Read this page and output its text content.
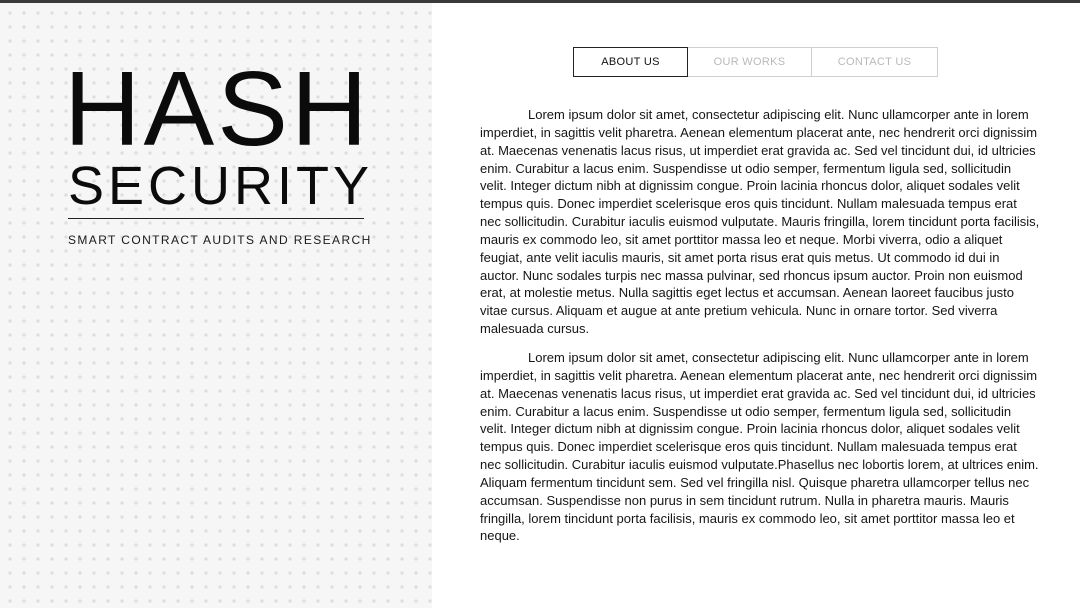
HASH
SECURITY
SMART CONTRACT AUDITS AND RESEARCH
ABOUT US	OUR WORKS	CONTACT US

Lorem ipsum dolor sit amet, consectetur adipiscing elit. Nunc ullamcorper ante in lorem imperdiet, in sagittis velit pharetra. Aenean elementum placerat ante, nec hendrerit orci dignissim at. Maecenas venenatis lacus risus, ut imperdiet erat gravida ac. Sed vel tincidunt dui, id ultricies enim. Curabitur a lacus enim. Suspendisse ut odio semper, fermentum ligula sed, sollicitudin velit. Integer dictum nibh at dignissim congue. Proin lacinia rhoncus dolor, aliquet sodales velit tempus quis. Donec imperdiet scelerisque eros quis tincidunt. Nullam malesuada tempus erat nec sollicitudin. Curabitur iaculis euismod vulputate. Mauris fringilla, lorem tincidunt porta facilisis, mauris ex commodo leo, sit amet porttitor massa leo et neque. Morbi viverra, odio a aliquet feugiat, ante velit iaculis mauris, sit amet porta risus erat quis metus. Ut commodo id dui in auctor. Nunc sodales turpis nec massa pulvinar, sed rhoncus ipsum auctor. Proin non euismod erat, at molestie metus. Nulla sagittis eget lectus et accumsan. Aenean laoreet faucibus justo vitae cursus. Aliquam et augue at ante pretium vehicula. Nunc in ornare tortor. Sed viverra malesuada cursus.

Lorem ipsum dolor sit amet, consectetur adipiscing elit. Nunc ullamcorper ante in lorem imperdiet, in sagittis velit pharetra. Aenean elementum placerat ante, nec hendrerit orci dignissim at. Maecenas venenatis lacus risus, ut imperdiet erat gravida ac. Sed vel tincidunt dui, id ultricies enim. Curabitur a lacus enim. Suspendisse ut odio semper, fermentum ligula sed, sollicitudin velit. Integer dictum nibh at dignissim congue. Proin lacinia rhoncus dolor, aliquet sodales velit tempus quis. Donec imperdiet scelerisque eros quis tincidunt. Nullam malesuada tempus erat nec sollicitudin. Curabitur iaculis euismod vulputate.Phasellus nec lobortis lorem, at ultrices enim. Aliquam fermentum tincidunt sem. Sed vel fringilla nisl. Quisque pharetra ullamcorper tellus nec accumsan. Suspendisse non purus in sem tincidunt rutrum. Nulla in pharetra mauris. Mauris fringilla, lorem tincidunt porta facilisis, mauris ex commodo leo, sit amet porttitor massa leo et neque.
